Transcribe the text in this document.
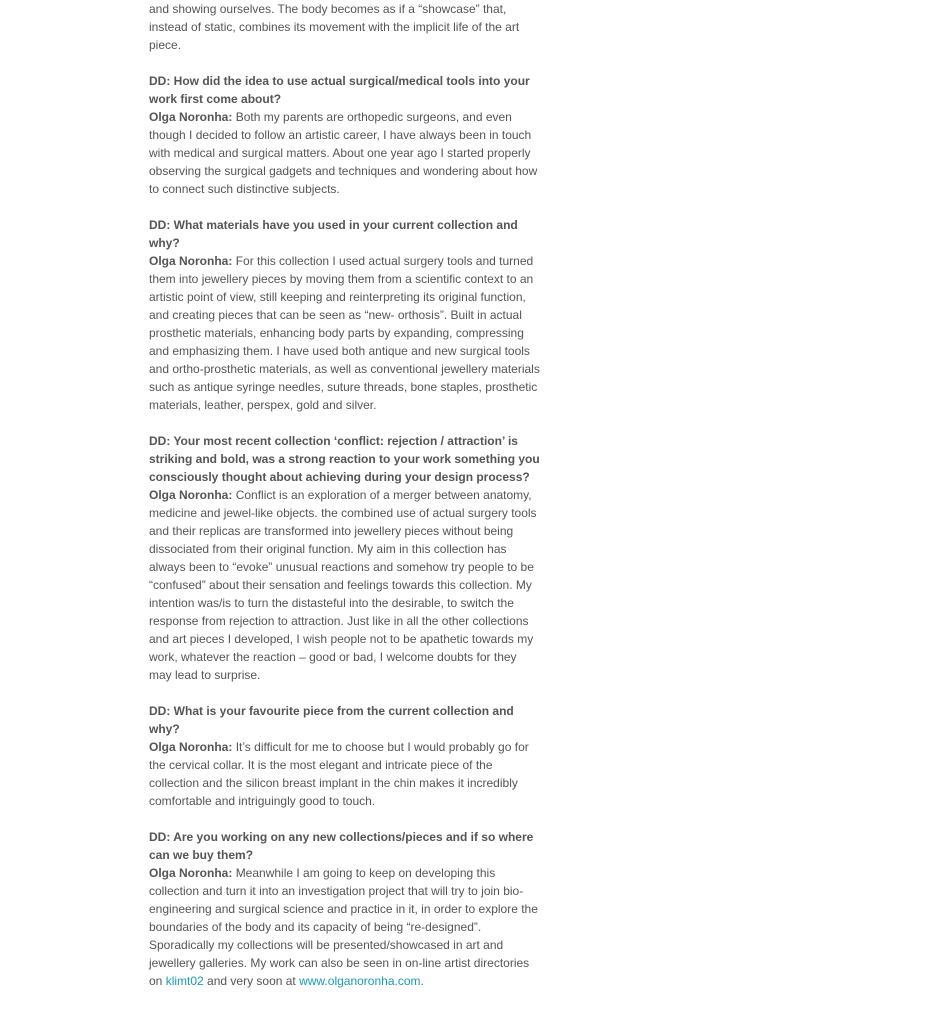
and showing ourselves. The body becomes as if a “showcase” that, instead of static, combines its movement with the implicit life of the art piece.

DD: How did the idea to use actual surgical/medical tools into your work first come about?
Olga Noronha: Both my parents are orthopedic surgeons, and even though I decided to follow an artistic career, I have always been in touch with medical and surgical matters. About one year ago I started properly observing the surgical gadgets and techniques and wondering about how to connect such distinctive subjects.

DD: What materials have you used in your current collection and why?
Olga Noronha: For this collection I used actual surgery tools and turned them into jewellery pieces by moving them from a scientific context to an artistic point of view, still keeping and reinterpreting its original function, and creating pieces that can be seen as “new- orthosis”. Built in actual prosthetic materials, enhancing body parts by expanding, compressing and emphasizing them. I have used both antique and new surgical tools and ortho-prosthetic materials, as well as conventional jewellery materials such as antique syringe needles, suture threads, bone staples, prosthetic materials, leather, perspex, gold and silver.

DD: Your most recent collection ‘conflict: rejection / attraction’ is striking and bold, was a strong reaction to your work something you consciously thought about achieving during your design process?
Olga Noronha: Conflict is an exploration of a merger between anatomy, medicine and jewel-like objects. the combined use of actual surgery tools and their replicas are transformed into jewellery pieces without being dissociated from their original function. My aim in this collection has always been to “evoke” unusual reactions and somehow try people to be “confused” about their sensation and feelings towards this collection. My intention was/is to turn the distasteful into the desirable, to switch the response from rejection to attraction. Just like in all the other collections and art pieces I developed, I wish people not to be apathetic towards my work, whatever the reaction – good or bad, I welcome doubts for they may lead to surprise.

DD: What is your favourite piece from the current collection and why?
Olga Noronha: It’s difficult for me to choose but I would probably go for the cervical collar. It is the most elegant and intricate piece of the collection and the silicon breast implant in the chin makes it incredibly comfortable and intriguingly good to touch.

DD: Are you working on any new collections/pieces and if so where can we buy them?
Olga Noronha: Meanwhile I am going to keep on developing this collection and turn it into an investigation project that will try to join bio-engineering and surgical science and practice in it, in order to explore the boundaries of the body and its capacity of being “re-designed”. Sporadically my collections will be presented/showcased in art and jewellery galleries. My work can also be seen in on-line artist directories on klimt02 and very soon at www.olganoronha.com.
